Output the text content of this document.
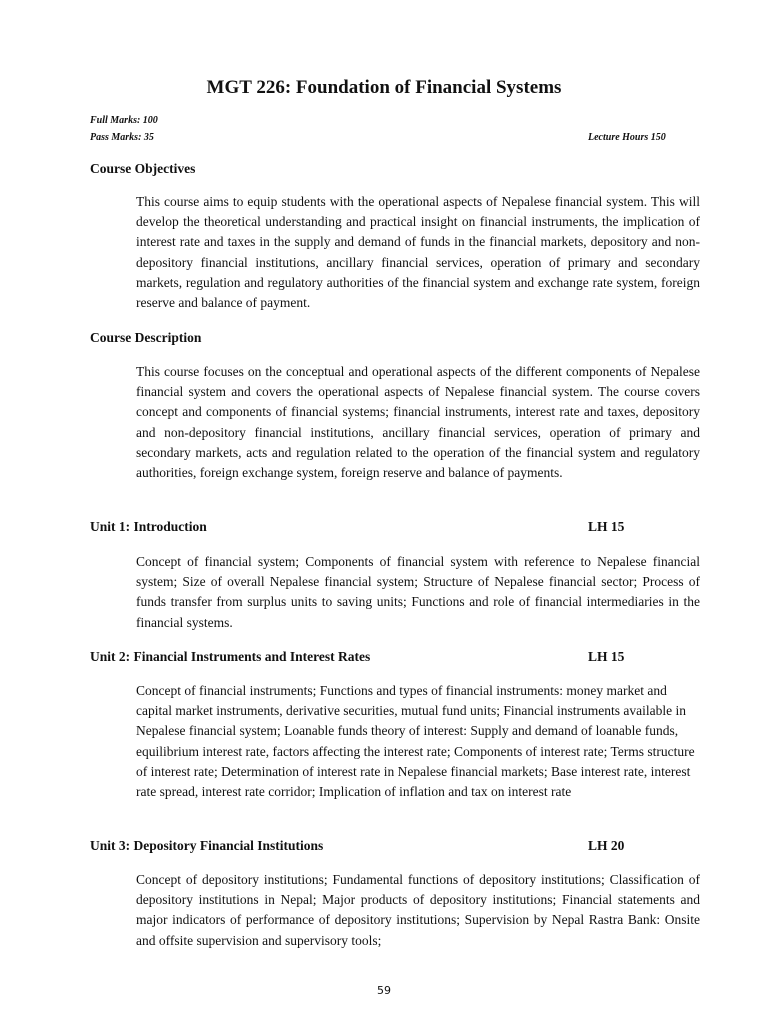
MGT 226: Foundation of Financial Systems
Full Marks: 100
Pass Marks: 35	Lecture Hours 150
Course Objectives

This course aims to equip students with the operational aspects of Nepalese financial system. This will develop the theoretical understanding and practical insight on financial instruments, the implication of interest rate and taxes in the supply and demand of funds in the financial markets, depository and non-depository financial institutions, ancillary financial services, operation of primary and secondary markets, regulation and regulatory authorities of the financial system and exchange rate system, foreign reserve and balance of payment.

Course Description

This course focuses on the conceptual and operational aspects of the different components of Nepalese financial system and covers the operational aspects of Nepalese financial system. The course covers concept and components of financial systems; financial instruments, interest rate and taxes, depository and non-depository financial institutions, ancillary financial services, operation of primary and secondary markets, acts and regulation related to the operation of the financial system and regulatory authorities, foreign exchange system, foreign reserve and balance of payments.

Unit 1: Introduction	LH 15

Concept of financial system; Components of financial system with reference to Nepalese financial system; Size of overall Nepalese financial system; Structure of Nepalese financial sector; Process of funds transfer from surplus units to saving units; Functions and role of financial intermediaries in the financial systems.

Unit 2: Financial Instruments and Interest Rates	LH 15

Concept of financial instruments; Functions and types of financial instruments: money market and capital market instruments, derivative securities, mutual fund units; Financial instruments available in Nepalese financial system; Loanable funds theory of interest: Supply and demand of loanable funds, equilibrium interest rate, factors affecting the interest rate; Components of interest rate; Terms structure of interest rate; Determination of interest rate in Nepalese financial markets; Base interest rate, interest rate spread, interest rate corridor; Implication of inflation and tax on interest rate

Unit 3: Depository Financial Institutions	LH 20

Concept of depository institutions; Fundamental functions of depository institutions; Classification of depository institutions in Nepal; Major products of depository institutions; Financial statements and major indicators of performance of depository institutions; Supervision by Nepal Rastra Bank: Onsite and offsite supervision and supervisory tools;

59
